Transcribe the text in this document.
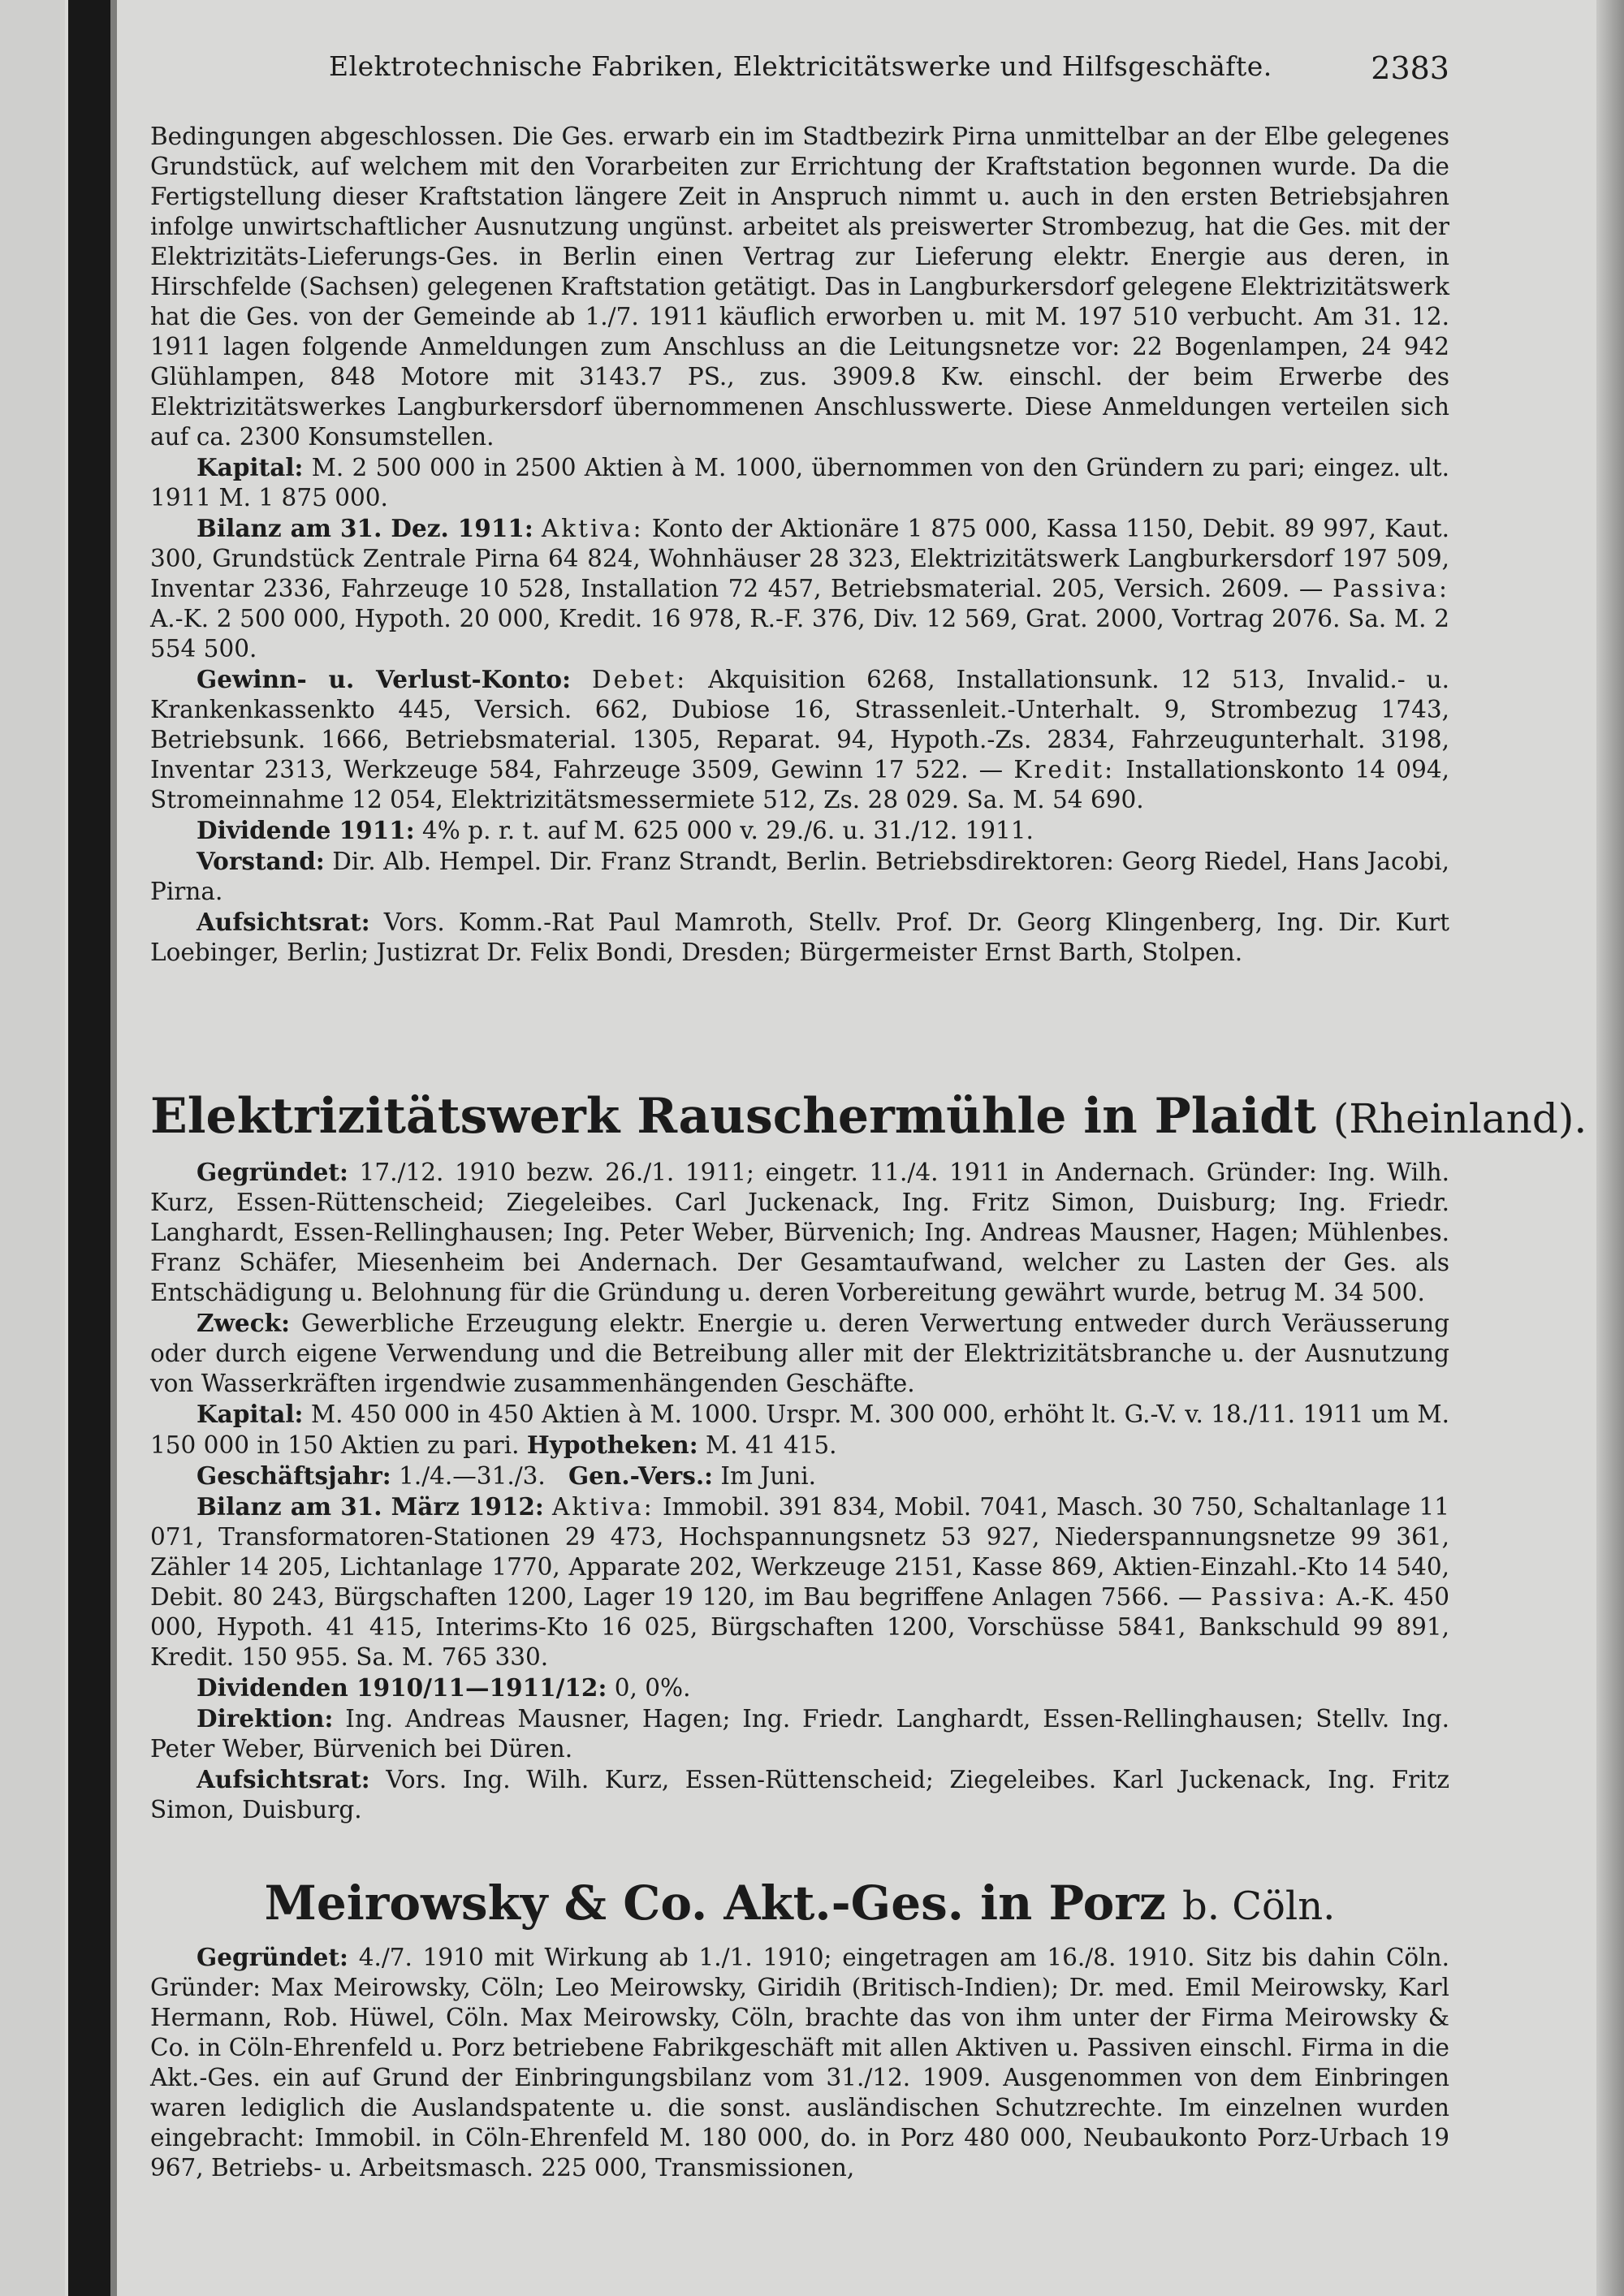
Elektrotechnische Fabriken, Elektricitätswerke und Hilfsgeschäfte.	2383

Bedingungen abgeschlossen. Die Ges. erwarb ein im Stadtbezirk Pirna unmittelbar an der Elbe gelegenes Grundstück, auf welchem mit den Vorarbeiten zur Errichtung der Kraftstation begonnen wurde. Da die Fertigstellung dieser Kraftstation längere Zeit in Anspruch nimmt u. auch in den ersten Betriebsjahren infolge unwirtschaftlicher Ausnutzung ungünst. arbeitet als preiswerter Strombezug, hat die Ges. mit der Elektrizitäts-Lieferungs-Ges. in Berlin einen Vertrag zur Lieferung elektr. Energie aus deren, in Hirschfelde (Sachsen) gelegenen Kraftstation getätigt. Das in Langburkersdorf gelegene Elektrizitätswerk hat die Ges. von der Gemeinde ab 1./7. 1911 käuflich erworben u. mit M. 197 510 verbucht. Am 31. 12. 1911 lagen folgende Anmeldungen zum Anschluss an die Leitungsnetze vor: 22 Bogenlampen, 24 942 Glühlampen, 848 Motore mit 3143.7 PS., zus. 3909.8 Kw. einschl. der beim Erwerbe des Elektrizitätswerkes Langburkersdorf übernommenen Anschlusswerte. Diese Anmeldungen verteilen sich auf ca. 2300 Konsumstellen.

Kapital: M. 2 500 000 in 2500 Aktien à M. 1000, übernommen von den Gründern zu pari; eingez. ult. 1911 M. 1 875 000.

Bilanz am 31. Dez. 1911: Aktiva: Konto der Aktionäre 1 875 000, Kassa 1150, Debit. 89 997, Kaut. 300, Grundstück Zentrale Pirna 64 824, Wohnhäuser 28 323, Elektrizitätswerk Langburkersdorf 197 509, Inventar 2336, Fahrzeuge 10 528, Installation 72 457, Betriebsmaterial. 205, Versich. 2609. — Passiva: A.-K. 2 500 000, Hypoth. 20 000, Kredit. 16 978, R.-F. 376, Div. 12 569, Grat. 2000, Vortrag 2076. Sa. M. 2 554 500.

Gewinn- u. Verlust-Konto: Debet: Akquisition 6268, Installationsunk. 12 513, Invalid.- u. Krankenkassenkto 445, Versich. 662, Dubiose 16, Strassenleit.-Unterhalt. 9, Strombezug 1743, Betriebsunk. 1666, Betriebsmaterial. 1305, Reparat. 94, Hypoth.-Zs. 2834, Fahrzeugunterhalt. 3198, Inventar 2313, Werkzeuge 584, Fahrzeuge 3509, Gewinn 17 522. — Kredit: Installationskonto 14 094, Stromeinnahme 12 054, Elektrizitätsmessermiete 512, Zs. 28 029. Sa. M. 54 690.

Dividende 1911: 4% p. r. t. auf M. 625 000 v. 29./6. u. 31./12. 1911.

Vorstand: Dir. Alb. Hempel. Dir. Franz Strandt, Berlin. Betriebsdirektoren: Georg Riedel, Hans Jacobi, Pirna.

Aufsichtsrat: Vors. Komm.-Rat Paul Mamroth, Stellv. Prof. Dr. Georg Klingenberg, Ing. Dir. Kurt Loebinger, Berlin; Justizrat Dr. Felix Bondi, Dresden; Bürgermeister Ernst Barth, Stolpen.

Elektrizitätswerk Rauschermühle in Plaidt (Rheinland).

Gegründet: 17./12. 1910 bezw. 26./1. 1911; eingetr. 11./4. 1911 in Andernach. Gründer: Ing. Wilh. Kurz, Essen-Rüttenscheid; Ziegeleibes. Carl Juckenack, Ing. Fritz Simon, Duisburg; Ing. Friedr. Langhardt, Essen-Rellinghausen; Ing. Peter Weber, Bürvenich; Ing. Andreas Mausner, Hagen; Mühlenbes. Franz Schäfer, Miesenheim bei Andernach. Der Gesamtaufwand, welcher zu Lasten der Ges. als Entschädigung u. Belohnung für die Gründung u. deren Vorbereitung gewährt wurde, betrug M. 34 500.

Zweck: Gewerbliche Erzeugung elektr. Energie u. deren Verwertung entweder durch Veräusserung oder durch eigene Verwendung und die Betreibung aller mit der Elektrizitätsbranche u. der Ausnutzung von Wasserkräften irgendwie zusammenhängenden Geschäfte.

Kapital: M. 450 000 in 450 Aktien à M. 1000. Urspr. M. 300 000, erhöht lt. G.-V. v. 18./11. 1911 um M. 150 000 in 150 Aktien zu pari. Hypotheken: M. 41 415.

Geschäftsjahr: 1./4.—31./3. Gen.-Vers.: Im Juni.

Bilanz am 31. März 1912: Aktiva: Immobil. 391 834, Mobil. 7041, Masch. 30 750, Schaltanlage 11 071, Transformatoren-Stationen 29 473, Hochspannungsnetz 53 927, Niederspannungsnetze 99 361, Zähler 14 205, Lichtanlage 1770, Apparate 202, Werkzeuge 2151, Kasse 869, Aktien-Einzahl.-Kto 14 540, Debit. 80 243, Bürgschaften 1200, Lager 19 120, im Bau begriffene Anlagen 7566. — Passiva: A.-K. 450 000, Hypoth. 41 415, Interims-Kto 16 025, Bürgschaften 1200, Vorschüsse 5841, Bankschuld 99 891, Kredit. 150 955. Sa. M. 765 330.

Dividenden 1910/11—1911/12: 0, 0%.

Direktion: Ing. Andreas Mausner, Hagen; Ing. Friedr. Langhardt, Essen-Rellinghausen; Stellv. Ing. Peter Weber, Bürvenich bei Düren.

Aufsichtsrat: Vors. Ing. Wilh. Kurz, Essen-Rüttenscheid; Ziegeleibes. Karl Juckenack, Ing. Fritz Simon, Duisburg.

Meirowsky & Co. Akt.-Ges. in Porz b. Cöln.

Gegründet: 4./7. 1910 mit Wirkung ab 1./1. 1910; eingetragen am 16./8. 1910. Sitz bis dahin Cöln. Gründer: Max Meirowsky, Cöln; Leo Meirowsky, Giridih (Britisch-Indien); Dr. med. Emil Meirowsky, Karl Hermann, Rob. Hüwel, Cöln. Max Meirowsky, Cöln, brachte das von ihm unter der Firma Meirowsky & Co. in Cöln-Ehrenfeld u. Porz betriebene Fabrikgeschäft mit allen Aktiven u. Passiven einschl. Firma in die Akt.-Ges. ein auf Grund der Einbringungsbilanz vom 31./12. 1909. Ausgenommen von dem Einbringen waren lediglich die Auslandspatente u. die sonst. ausländischen Schutzrechte. Im einzelnen wurden eingebracht: Immobil. in Cöln-Ehrenfeld M. 180 000, do. in Porz 480 000, Neubaukonto Porz-Urbach 19 967, Betriebs- u. Arbeitsmasch. 225 000, Transmissionen,
